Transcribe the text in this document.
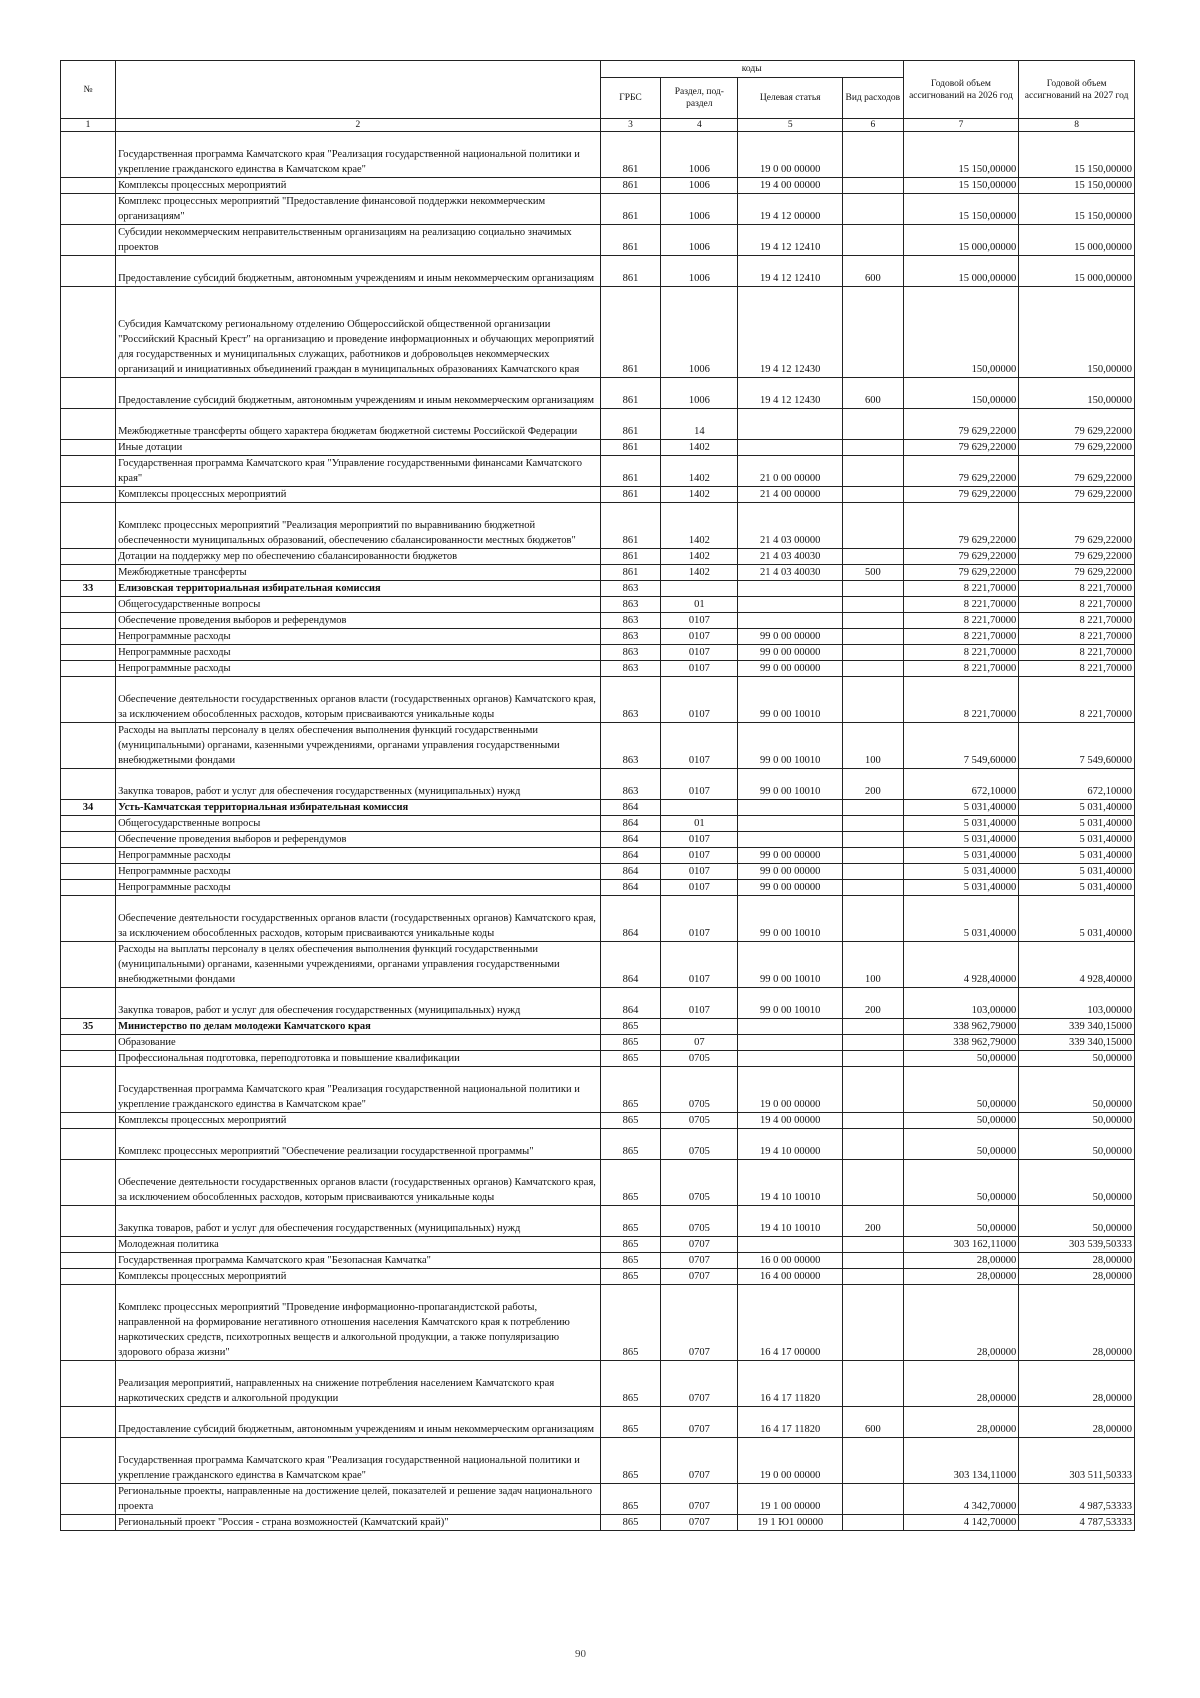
№		коды				Годовой объем ассигнований на 2026 год	Годовой объем ассигнований на 2027 год
		ГРБС	Раздел, под-раздел	Целевая статья	Вид расходов		
1	2	3	4	5	6	7	8
	Государственная программа Камчатского края "Реализация государственной национальной политики и укрепление гражданского единства в Камчатском крае"	861	1006	19 0 00 00000		15 150,00000	15 150,00000
	Комплексы процессных мероприятий	861	1006	19 4 00 00000		15 150,00000	15 150,00000
	Комплекс процессных мероприятий "Предоставление финансовой поддержки некоммерческим организациям"	861	1006	19 4 12 00000		15 150,00000	15 150,00000
	Субсидии некоммерческим неправительственным организациям на реализацию социально значимых проектов	861	1006	19 4 12 12410		15 000,00000	15 000,00000
	Предоставление субсидий бюджетным, автономным учреждениям и иным некоммерческим организациям	861	1006	19 4 12 12410	600	15 000,00000	15 000,00000
	Субсидия Камчатскому региональному отделению Общероссийской общественной организации "Российский Красный Крест" на организацию и проведение информационных и обучающих мероприятий для государственных и муниципальных служащих, работников и добровольцев некоммерческих организаций и инициативных объединений граждан в муниципальных образованиях Камчатского края	861	1006	19 4 12 12430		150,00000	150,00000
	Предоставление субсидий бюджетным, автономным учреждениям и иным некоммерческим организациям	861	1006	19 4 12 12430	600	150,00000	150,00000
	Межбюджетные трансферты общего характера бюджетам бюджетной системы Российской Федерации	861	14			79 629,22000	79 629,22000
	Иные дотации	861	1402			79 629,22000	79 629,22000
	Государственная программа Камчатского края "Управление государственными финансами Камчатского края"	861	1402	21 0 00 00000		79 629,22000	79 629,22000
	Комплексы процессных мероприятий	861	1402	21 4 00 00000		79 629,22000	79 629,22000
	Комплекс процессных мероприятий "Реализация мероприятий по выравниванию бюджетной обеспеченности муниципальных образований, обеспечению сбалансированности местных бюджетов"	861	1402	21 4 03 00000		79 629,22000	79 629,22000
	Дотации на поддержку мер по обеспечению сбалансированности бюджетов	861	1402	21 4 03 40030		79 629,22000	79 629,22000
	Межбюджетные трансферты	861	1402	21 4 03 40030	500	79 629,22000	79 629,22000
33	Елизовская территориальная избирательная комиссия	863				8 221,70000	8 221,70000
	Общегосударственные вопросы	863	01			8 221,70000	8 221,70000
	Обеспечение проведения выборов и референдумов	863	0107			8 221,70000	8 221,70000
	Непрограммные расходы	863	0107	99 0 00 00000		8 221,70000	8 221,70000
	Непрограммные расходы	863	0107	99 0 00 00000		8 221,70000	8 221,70000
	Непрограммные расходы	863	0107	99 0 00 00000		8 221,70000	8 221,70000
	Обеспечение деятельности государственных органов власти (государственных органов) Камчатского края, за исключением обособленных расходов, которым присваиваются уникальные коды	863	0107	99 0 00 10010		8 221,70000	8 221,70000
	Расходы на выплаты персоналу в целях обеспечения выполнения функций государственными (муниципальными) органами, казенными учреждениями, органами управления государственными внебюджетными фондами	863	0107	99 0 00 10010	100	7 549,60000	7 549,60000
	Закупка товаров, работ и услуг для обеспечения государственных (муниципальных) нужд	863	0107	99 0 00 10010	200	672,10000	672,10000
34	Усть-Камчатская территориальная избирательная комиссия	864				5 031,40000	5 031,40000
	Общегосударственные вопросы	864	01			5 031,40000	5 031,40000
	Обеспечение проведения выборов и референдумов	864	0107			5 031,40000	5 031,40000
	Непрограммные расходы	864	0107	99 0 00 00000		5 031,40000	5 031,40000
	Непрограммные расходы	864	0107	99 0 00 00000		5 031,40000	5 031,40000
	Непрограммные расходы	864	0107	99 0 00 00000		5 031,40000	5 031,40000
	Обеспечение деятельности государственных органов власти (государственных органов) Камчатского края, за исключением обособленных расходов, которым присваиваются уникальные коды	864	0107	99 0 00 10010		5 031,40000	5 031,40000
	Расходы на выплаты персоналу в целях обеспечения выполнения функций государственными (муниципальными) органами, казенными учреждениями, органами управления государственными внебюджетными фондами	864	0107	99 0 00 10010	100	4 928,40000	4 928,40000
	Закупка товаров, работ и услуг для обеспечения государственных (муниципальных) нужд	864	0107	99 0 00 10010	200	103,00000	103,00000
35	Министерство по делам молодежи Камчатского края	865				338 962,79000	339 340,15000
	Образование	865	07			338 962,79000	339 340,15000
	Профессиональная подготовка, переподготовка и повышение квалификации	865	0705			50,00000	50,00000
	Государственная программа Камчатского края "Реализация государственной национальной политики и укрепление гражданского единства в Камчатском крае"	865	0705	19 0 00 00000		50,00000	50,00000
	Комплексы процессных мероприятий	865	0705	19 4 00 00000		50,00000	50,00000
	Комплекс процессных мероприятий "Обеспечение реализации государственной программы"	865	0705	19 4 10 00000		50,00000	50,00000
	Обеспечение деятельности государственных органов власти (государственных органов) Камчатского края, за исключением обособленных расходов, которым присваиваются уникальные коды	865	0705	19 4 10 10010		50,00000	50,00000
	Закупка товаров, работ и услуг для обеспечения государственных (муниципальных) нужд	865	0705	19 4 10 10010	200	50,00000	50,00000
	Молодежная политика	865	0707			303 162,11000	303 539,50333
	Государственная программа Камчатского края "Безопасная Камчатка"	865	0707	16 0 00 00000		28,00000	28,00000
	Комплексы процессных мероприятий	865	0707	16 4 00 00000		28,00000	28,00000
	Комплекс процессных мероприятий "Проведение информационно-пропагандистской работы, направленной на формирование негативного отношения населения Камчатского края к потреблению наркотических средств, психотропных веществ и алкогольной продукции, а также популяризацию здорового образа жизни"	865	0707	16 4 17 00000		28,00000	28,00000
	Реализация мероприятий, направленных на снижение потребления населением Камчатского края наркотических средств и алкогольной продукции	865	0707	16 4 17 11820		28,00000	28,00000
	Предоставление субсидий бюджетным, автономным учреждениям и иным некоммерческим организациям	865	0707	16 4 17 11820	600	28,00000	28,00000
	Государственная программа Камчатского края "Реализация государственной национальной политики и укрепление гражданского единства в Камчатском крае"	865	0707	19 0 00 00000		303 134,11000	303 511,50333
	Региональные проекты, направленные на достижение целей, показателей и решение задач национального проекта	865	0707	19 1 00 00000		4 342,70000	4 987,53333
	Региональный проект "Россия - страна возможностей (Камчатский край)"	865	0707	19 1 Ю1 00000		4 142,70000	4 787,53333
90
